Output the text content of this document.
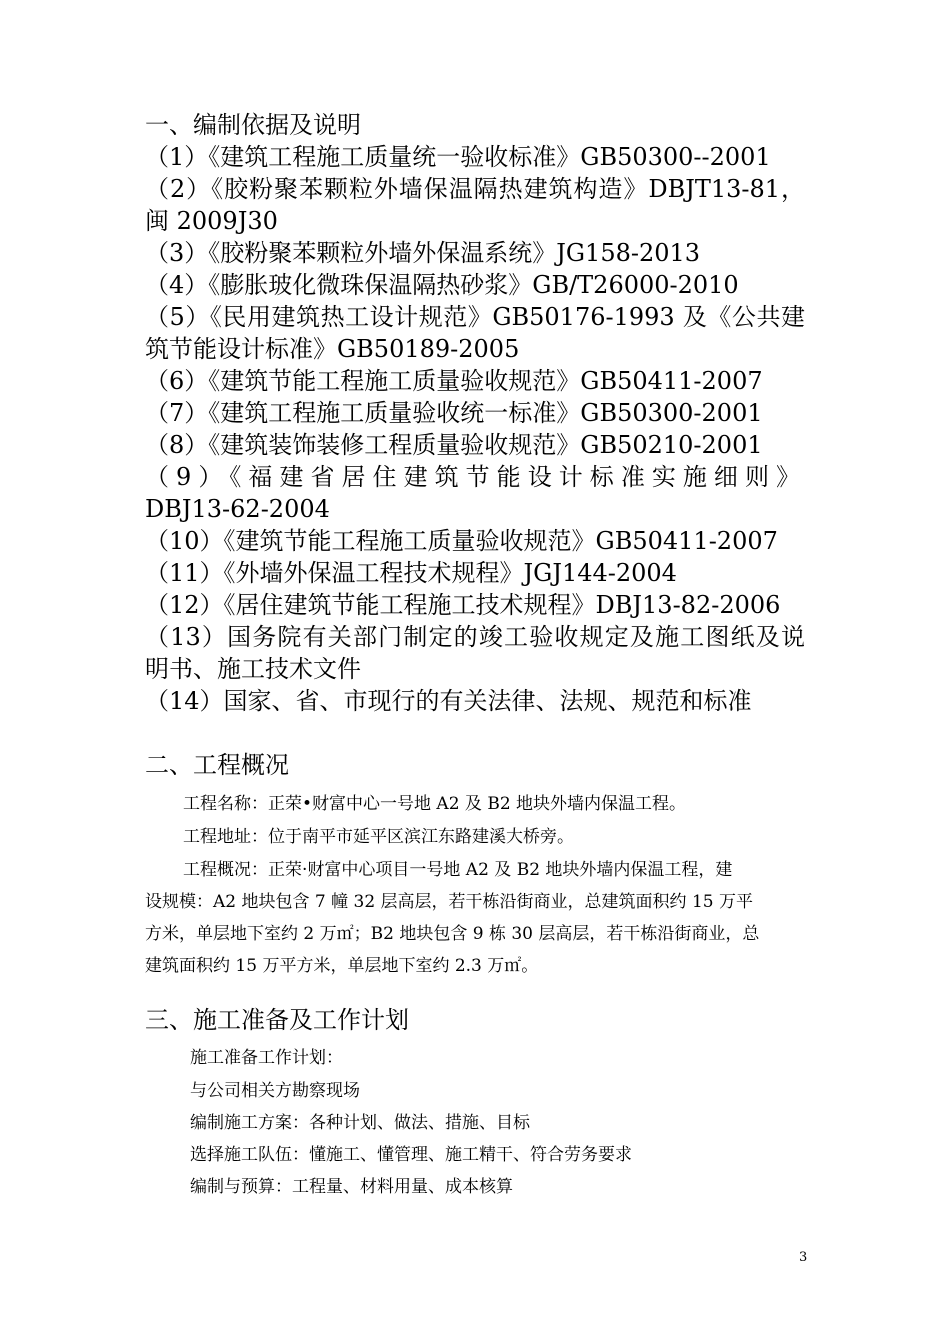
一、编制依据及说明
（1）《建筑工程施工质量统一验收标准》GB50300--2001
（2）《胶粉聚苯颗粒外墙保温隔热建筑构造》DBJT13-81，
闽 2009J30
（3）《胶粉聚苯颗粒外墙外保温系统》JG158-2013
（4）《膨胀玻化微珠保温隔热砂浆》GB/T26000-2010
（5）《民用建筑热工设计规范》GB50176-1993 及《公共建
筑节能设计标准》GB50189-2005
（6）《建筑节能工程施工质量验收规范》GB50411-2007
（7）《建筑工程施工质量验收统一标准》GB50300-2001
（8）《建筑装饰装修工程质量验收规范》GB50210-2001
（9）《福建省居住建筑节能设计标准实施细则》
DBJ13-62-2004
（10）《建筑节能工程施工质量验收规范》GB50411-2007
（11）《外墙外保温工程技术规程》JGJ144-2004
（12）《居住建筑节能工程施工技术规程》DBJ13-82-2006
（13）国务院有关部门制定的竣工验收规定及施工图纸及说
明书、施工技术文件
（14）国家、省、市现行的有关法律、法规、规范和标准
二、工程概况
工程名称：正荣•财富中心一号地 A2 及 B2 地块外墙内保温工程。
工程地址：位于南平市延平区滨江东路建溪大桥旁。
工程概况：正荣·财富中心项目一号地 A2 及 B2 地块外墙内保温工程，建
设规模：A2 地块包含 7 幢 32 层高层，若干栋沿街商业，总建筑面积约 15 万平
方米，单层地下室约 2 万㎡；B2 地块包含 9 栋 30 层高层，若干栋沿街商业，总
建筑面积约 15 万平方米，单层地下室约 2.3 万㎡。
三、施工准备及工作计划
施工准备工作计划：
与公司相关方勘察现场
编制施工方案：各种计划、做法、措施、目标
选择施工队伍：懂施工、懂管理、施工精干、符合劳务要求
编制与预算：工程量、材料用量、成本核算
3
